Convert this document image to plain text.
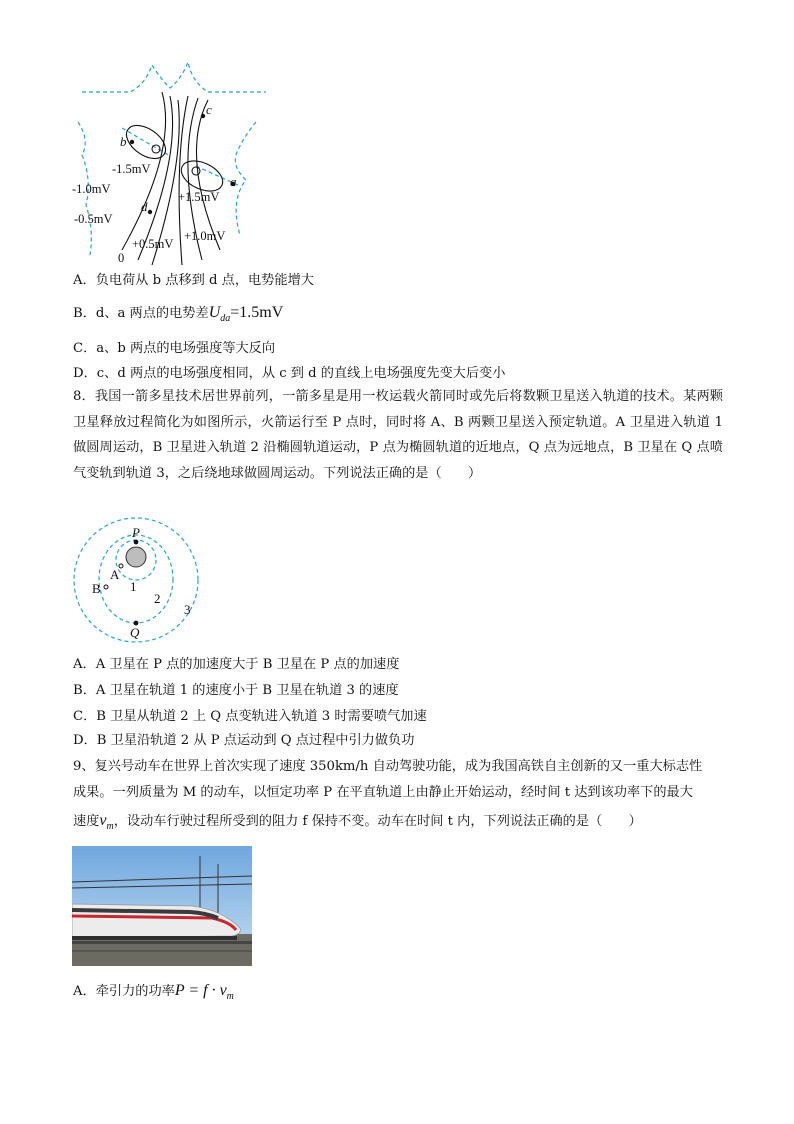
c
b
a
d
0
-1.5mV
-1.0mV
-0.5mV
+1.5mV
+0.5mV
+1.0mV
A．负电荷从 b 点移到 d 点，电势能增大
B．d、a 两点的电势差$U_{da}=1.5mV$
C．a、b 两点的电场强度等大反向
D．c、d 两点的电场强度相同，从 c 到 d 的直线上电场强度先变大后变小
8．我国一箭多星技术居世界前列，一箭多星是用一枚运载火箭同时或先后将数颗卫星送入轨道的技术。某两颗卫星释放过程简化为如图所示，火箭运行至 P 点时，同时将 A、B 两颗卫星送入预定轨道。A 卫星进入轨道 1 做圆周运动，B 卫星进入轨道 2 沿椭圆轨道运动，P 点为椭圆轨道的近地点，Q 点为远地点，B 卫星在 Q 点喷气变轨到轨道 3，之后绕地球做圆周运动。下列说法正确的是（　　）
P
A
B 1
2
3
Q
A．A 卫星在 P 点的加速度大于 B 卫星在 P 点的加速度
B．A 卫星在轨道 1 的速度小于 B 卫星在轨道 3 的速度
C．B 卫星从轨道 2 上 Q 点变轨进入轨道 3 时需要喷气加速
D．B 卫星沿轨道 2 从 P 点运动到 Q 点过程中引力做负功
9、复兴号动车在世界上首次实现了速度 350km/h 自动驾驶功能，成为我国高铁自主创新的又一重大标志性
成果。一列质量为 M 的动车，以恒定功率 P 在平直轨道上由静止开始运动，经时间 t 达到该功率下的最大
速度$v_m$，设动车行驶过程所受到的阻力 f 保持不变。动车在时间 t 内，下列说法正确的是（　　）
A．牵引力的功率$P = f \cdot v_m$
